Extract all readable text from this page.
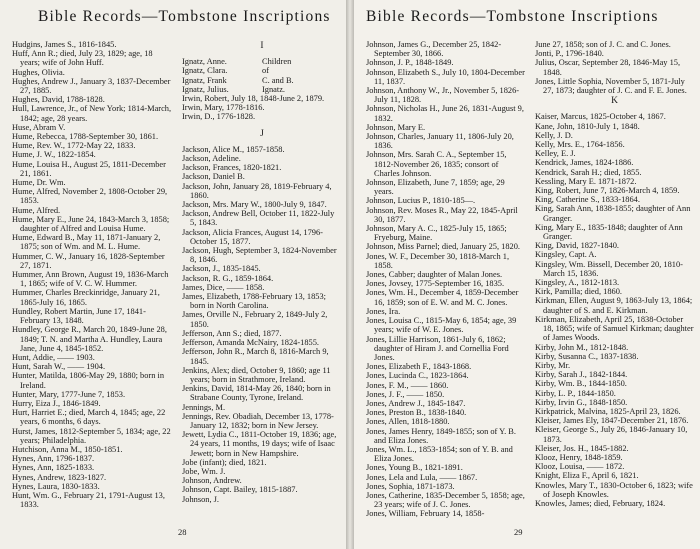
Bible Records—Tombstone Inscriptions
Hudgins, James S., 1816-1845.
Huff, Ann R.; died, July 23, 1829; age, 18 years; wife of John Huff.
Hughes, Olivia.
Hughes, Andrew J., January 3, 1837-December 27, 1885.
Hughes, David, 1788-1828.
Hull, Lawrence, Jr., of New York; 1814-March, 1842; age, 28 years.
Huse, Abram V.
Hume, Rebecca, 1788-September 30, 1861.
Hume, Rev. W., 1772-May 22, 1833.
Hume, J. W., 1822-1854.
Hume, Louisa H., August 25, 1811-December 21, 1861.
Hume, Dr. Wm.
Hume, Alfred, November 2, 1808-October 29, 1853.
Hume, Alfred.
Hume, Mary E., June 24, 1843-March 3, 1858; daughter of Alfred and Louisa Hume.
Hume, Edward B., May 11, 1871-January 2, 1875; son of Wm. and M. L. Hume.
Hummer, C. W., January 16, 1828-September 27, 1871.
Hummer, Ann Brown, August 19, 1836-March 1, 1865; wife of V. C. W. Hummer.
Hummer, Charles Breckinridge, January 21, 1865-July 16, 1865.
Hundley, Robert Martin, June 17, 1841-February 13, 1848.
Hundley, George R., March 20, 1849-June 28, 1849; T. N. and Martha A. Hundley, Laura Jane, June 4, 1845-1852.
Hunt, Addie, —— 1903.
Hunt, Sarah W., —— 1904.
Hunter, Matilda, 1806-May 29, 1880; born in Ireland.
Hunter, Mary, 1777-June 7, 1853.
Hurry, Eiza J., 1846-1849.
Hurt, Harriet E.; died, March 4, 1845; age, 22 years, 6 months, 6 days.
Hurst, James, 1812-September 5, 1834; age, 22 years; Philadelphia.
Hutchison, Anna M., 1850-1851.
Hynes, Ann, 1796-1837.
Hynes, Ann, 1825-1833.
Hynes, Andrew, 1823-1827.
Hynes, Laura, 1830-1833.
Hunt, Wm. G., February 21, 1791-August 13, 1833.
I
Ignatz, Anne.
Ignatz, Clara.
Ignatz, Frank
Ignatz, Julius.
Children
of
C. and B.
Ignatz.
Irwin, Robert, July 18, 1848-June 2, 1879.
Irwin, Mary, 1778-1816.
Irwin, D., 1776-1828.
J
Jackson, Alice M., 1857-1858.
Jackson, Adeline.
Jackson, Frances, 1820-1821.
Jackson, Daniel B.
Jackson, John, January 28, 1819-February 4, 1860.
Jackson, Mrs. Mary W., 1800-July 9, 1847.
Jackson, Andrew Bell, October 11, 1822-July 5, 1843.
Jackson, Alicia Frances, August 14, 1796-October 15, 1877.
Jackson, Hugh, September 3, 1824-November 8, 1846.
Jackson, J., 1835-1845.
Jackson, R. G., 1859-1864.
James, Dice, —— 1858.
James, Elizabeth, 1788-February 13, 1853; born in North Carolina.
James, Orville N., February 2, 1849-July 2, 1850.
Jefferson, Ann S.; died, 1877.
Jefferson, Amanda McNairy, 1824-1855.
Jefferson, John R., March 8, 1816-March 9, 1845.
Jenkins, Alex; died, October 9, 1860; age 11 years; born in Strathmore, Ireland.
Jenkins, David, 1814-May 26, 1840; born in Strabane County, Tyrone, Ireland.
Jennings, M.
Jennings, Rev. Obadiah, December 13, 1778-January 12, 1832; born in New Jersey.
Jewett, Lydia C., 1811-October 19, 1836; age, 24 years, 11 months, 19 days; wife of Isaac Jewett; born in New Hampshire.
Jobe (infant); died, 1821.
Jobe, Wm. J.
Johnson, Andrew.
Johnson, Capt. Bailey, 1815-1887.
Johnson, J.
28
Bible Records—Tombstone Inscriptions
Johnson, James G., December 25, 1842-September 30, 1866.
Johnson, J. P., 1848-1849.
Johnson, Elizabeth S., July 10, 1804-December 11, 1837.
Johnson, Anthony W., Jr., November 5, 1826-July 11, 1828.
Johnson, Nicholas H., June 26, 1831-August 9, 1832.
Johnson, Mary E.
Johnson, Charles, January 11, 1806-July 20, 1836.
Johnson, Mrs. Sarah C. A., September 15, 1812-November 26, 1835; consort of Charles Johnson.
Johnson, Elizabeth, June 7, 1859; age, 29 years.
Johnson, Lucius P., 1810-185—.
Johnson, Rev. Moses R., May 22, 1845-April 30, 1877.
Johnson, Mary A. C., 1825-July 15, 1865; Fryeburg, Maine.
Johnson, Miss Parnel; died, January 25, 1820.
Jones, W. F., December 30, 1818-March 1, 1858.
Jones, Cabber; daughter of Malan Jones.
Jones, Jovsey, 1775-September 16, 1835.
Jones, Wm. H., December 4, 1859-December 16, 1859; son of E. W. and M. C. Jones.
Jones, Ira.
Jones, Louisa C., 1815-May 6, 1854; age, 39 years; wife of W. E. Jones.
Jones, Lillie Harrison, 1861-July 6, 1862; daughter of Hiram J. and Cornellia Ford Jones.
Jones, Elizabeth F., 1843-1868.
Jones, Lucinda C., 1823-1864.
Jones, F. M., —— 1860.
Jones, J. F., —— 1850.
Jones, Andrew J., 1845-1847.
Jones, Preston B., 1838-1840.
Jones, Allen, 1818-1880.
Jones, James Henry, 1849-1855; son of Y. B. and Eliza Jones.
Jones, Wm. L., 1853-1854; son of Y. B. and Eliza Jones.
Jones, Young B., 1821-1891.
Jones, Lela and Lula, —— 1867.
Jones, Sophia, 1871-1873.
Jones, Catherine, 1835-December 5, 1858; age, 23 years; wife of J. C. Jones.
Jones, William, February 14, 1858-
June 27, 1858; son of J. C. and C. Jones.
Jonti, P., 1796-1840.
Julius, Oscar, September 28, 1846-May 15, 1848.
Jones, Little Sophia, November 5, 1871-July 27, 1873; daughter of J. C. and F. E. Jones.
K
Kaiser, Marcus, 1825-October 4, 1867.
Kane, John, 1810-July 1, 1848.
Kelly, J. D.
Kelly, Mrs. E., 1764-1856.
Kelley, E. J.
Kendrick, James, 1824-1886.
Kendrick, Sarah H.; died, 1855.
Kessling, Mary E. 1871-1872.
King, Robert, June 7, 1826-March 4, 1859.
King, Catherine S., 1833-1864.
King, Sarah Ann, 1838-1855; daughter of Ann Granger.
King, Mary E., 1835-1848; daughter of Ann Granger.
King, David, 1827-1840.
Kingsley, Capt. A.
Kingsley, Wm. Bissell, December 20, 1810-March 15, 1836.
Kingsley, A., 1812-1813.
Kirk, Pamilla; died, 1860.
Kirkman, Ellen, August 9, 1863-July 13, 1864; daughter of S. and E. Kirkman.
Kirkman, Elizabeth, April 25, 1838-October 18, 1865; wife of Samuel Kirkman; daughter of James Woods.
Kirby, John M., 1812-1848.
Kirby, Susanna C., 1837-1838.
Kirby, Mr.
Kirby, Sarah J., 1842-1844.
Kirby, Wm. B., 1844-1850.
Kirby, L. P., 1844-1850.
Kirby, Irvin G., 1848-1850.
Kirkpatrick, Malvina, 1825-April 23, 1826.
Kleiser, James Ely, 1847-December 21, 1876.
Kleiser, George S., July 26, 1846-January 10, 1873.
Kleiser, Jos. H., 1845-1882.
Klooz, Henry, 1848-1859.
Klooz, Louisa, —— 1872.
Knight, Eliza F., April 6, 1821.
Knowles, Mary T., 1830-October 6, 1823; wife of Joseph Knowles.
Knowles, James; died, February, 1824.
29
